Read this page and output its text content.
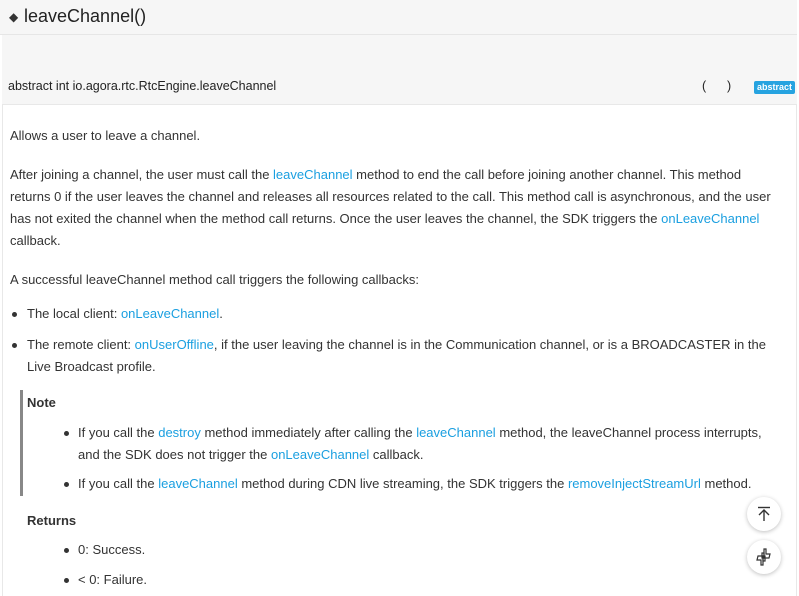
◆ leaveChannel()
abstract int io.agora.rtc.RtcEngine.leaveChannel	( )	abstract

Allows a user to leave a channel.

After joining a channel, the user must call the leaveChannel method to end the call before joining another channel. This method returns 0 if the user leaves the channel and releases all resources related to the call. This method call is asynchronous, and the user has not exited the channel when the method call returns. Once the user leaves the channel, the SDK triggers the onLeaveChannel callback.

A successful leaveChannel method call triggers the following callbacks:

The local client: onLeaveChannel.

The remote client: onUserOffline, if the user leaving the channel is in the Communication channel, or is a BROADCASTER in the Live Broadcast profile.

Note

If you call the destroy method immediately after calling the leaveChannel method, the leaveChannel process interrupts, and the SDK does not trigger the onLeaveChannel callback.

If you call the leaveChannel method during CDN live streaming, the SDK triggers the removeInjectStreamUrl method.

Returns

0: Success.

< 0: Failure.
